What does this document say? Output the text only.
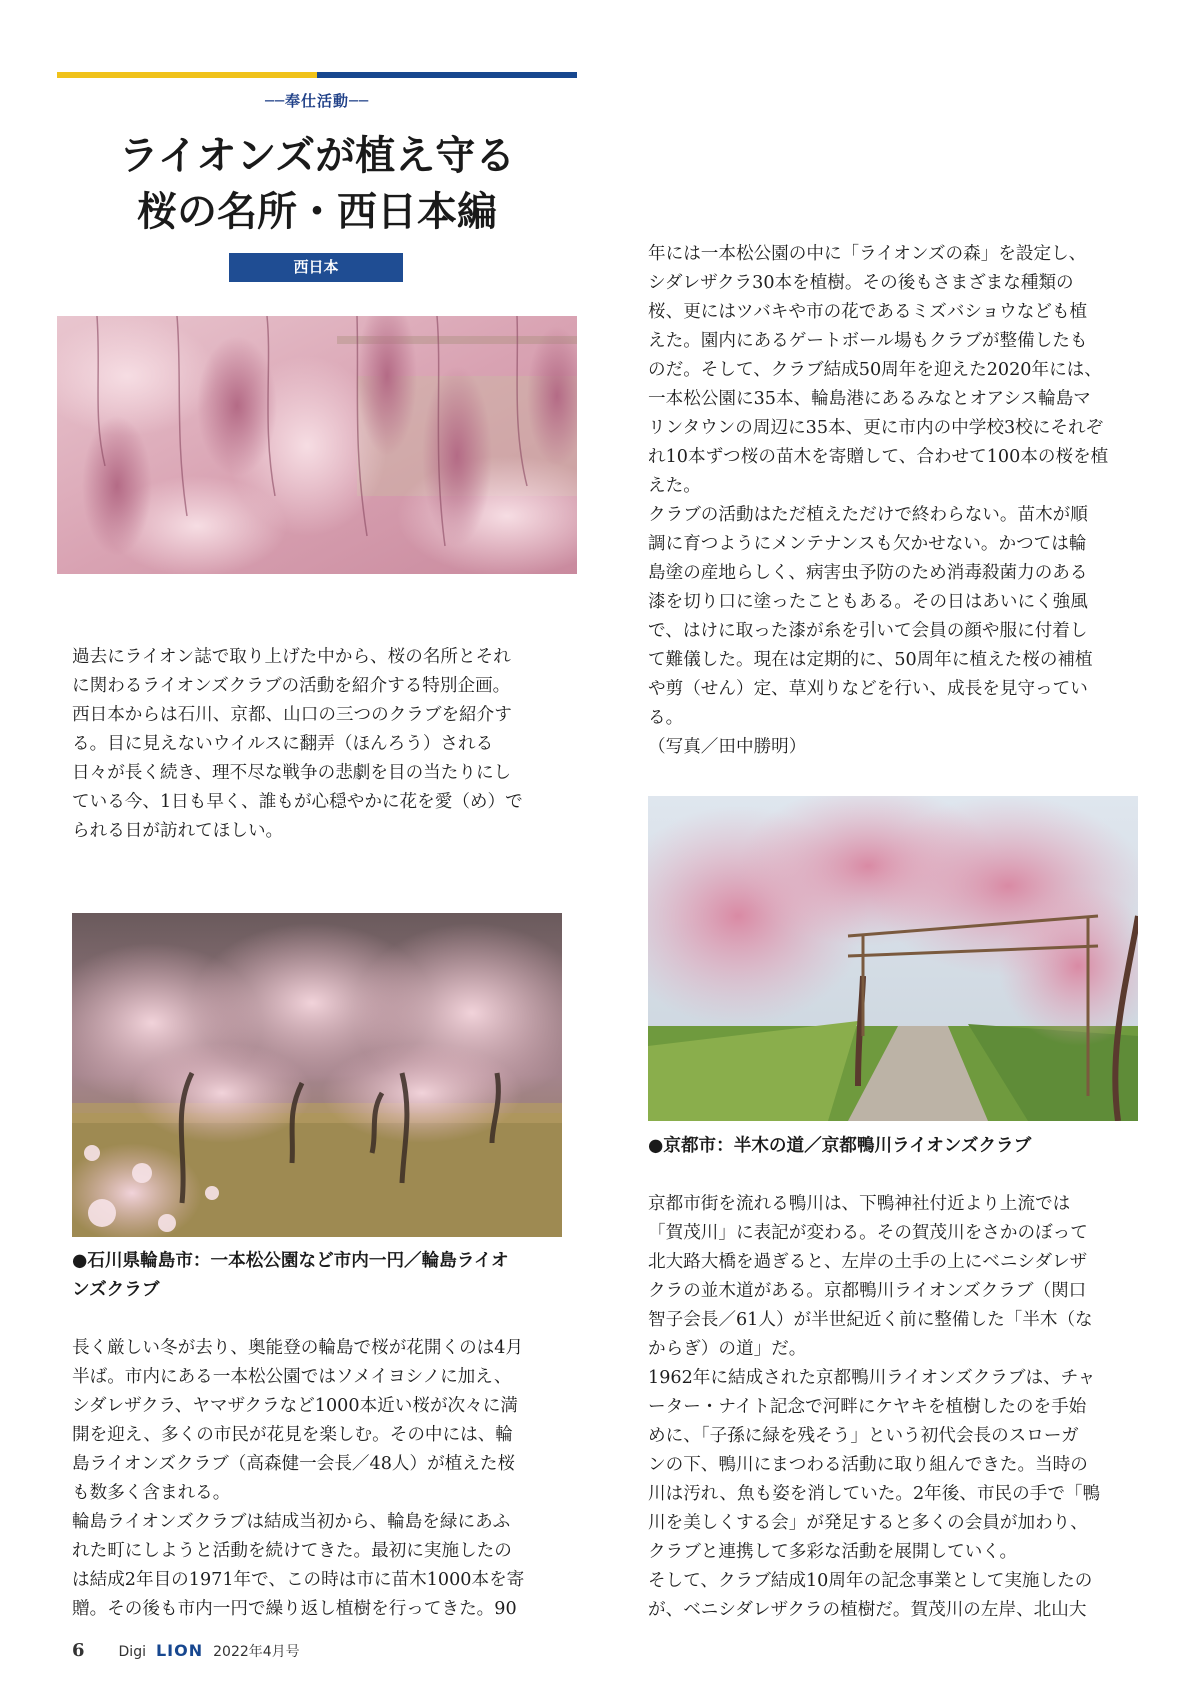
──奉仕活動──
ライオンズが植え守る
桜の名所・西日本編
西日本
過去にライオン誌で取り上げた中から、桜の名所とそれ
に関わるライオンズクラブの活動を紹介する特別企画。
西日本からは石川、京都、山口の三つのクラブを紹介す
る。目に見えないウイルスに翻弄（ほんろう）される
日々が長く続き、理不尽な戦争の悲劇を目の当たりにし
ている今、1日も早く、誰もが心穏やかに花を愛（め）で
られる日が訪れてほしい。
●石川県輪島市：一本松公園など市内一円／輪島ライオ
ンズクラブ
長く厳しい冬が去り、奥能登の輪島で桜が花開くのは4月
半ば。市内にある一本松公園ではソメイヨシノに加え、
シダレザクラ、ヤマザクラなど1000本近い桜が次々に満
開を迎え、多くの市民が花見を楽しむ。その中には、輪
島ライオンズクラブ（高森健一会長／48人）が植えた桜
も数多く含まれる。
輪島ライオンズクラブは結成当初から、輪島を緑にあふ
れた町にしようと活動を続けてきた。最初に実施したの
は結成2年目の1971年で、この時は市に苗木1000本を寄
贈。その後も市内一円で繰り返し植樹を行ってきた。90
年には一本松公園の中に「ライオンズの森」を設定し、
シダレザクラ30本を植樹。その後もさまざまな種類の
桜、更にはツバキや市の花であるミズバショウなども植
えた。園内にあるゲートボール場もクラブが整備したも
のだ。そして、クラブ結成50周年を迎えた2020年には、
一本松公園に35本、輪島港にあるみなとオアシス輪島マ
リンタウンの周辺に35本、更に市内の中学校3校にそれぞ
れ10本ずつ桜の苗木を寄贈して、合わせて100本の桜を植
えた。
クラブの活動はただ植えただけで終わらない。苗木が順
調に育つようにメンテナンスも欠かせない。かつては輪
島塗の産地らしく、病害虫予防のため消毒殺菌力のある
漆を切り口に塗ったこともある。その日はあいにく強風
で、はけに取った漆が糸を引いて会員の顔や服に付着し
て難儀した。現在は定期的に、50周年に植えた桜の補植
や剪（せん）定、草刈りなどを行い、成長を見守ってい
る。
（写真／田中勝明）
●京都市：半木の道／京都鴨川ライオンズクラブ
京都市街を流れる鴨川は、下鴨神社付近より上流では
「賀茂川」に表記が変わる。その賀茂川をさかのぼって
北大路大橋を過ぎると、左岸の土手の上にベニシダレザ
クラの並木道がある。京都鴨川ライオンズクラブ（関口
智子会長／61人）が半世紀近く前に整備した「半木（な
からぎ）の道」だ。
1962年に結成された京都鴨川ライオンズクラブは、チャ
ーター・ナイト記念で河畔にケヤキを植樹したのを手始
めに、「子孫に緑を残そう」という初代会長のスローガ
ンの下、鴨川にまつわる活動に取り組んできた。当時の
川は汚れ、魚も姿を消していた。2年後、市民の手で「鴨
川を美しくする会」が発足すると多くの会員が加わり、
クラブと連携して多彩な活動を展開していく。
そして、クラブ結成10周年の記念事業として実施したの
が、ベニシダレザクラの植樹だ。賀茂川の左岸、北山大
6 Digi LION 2022年4月号
